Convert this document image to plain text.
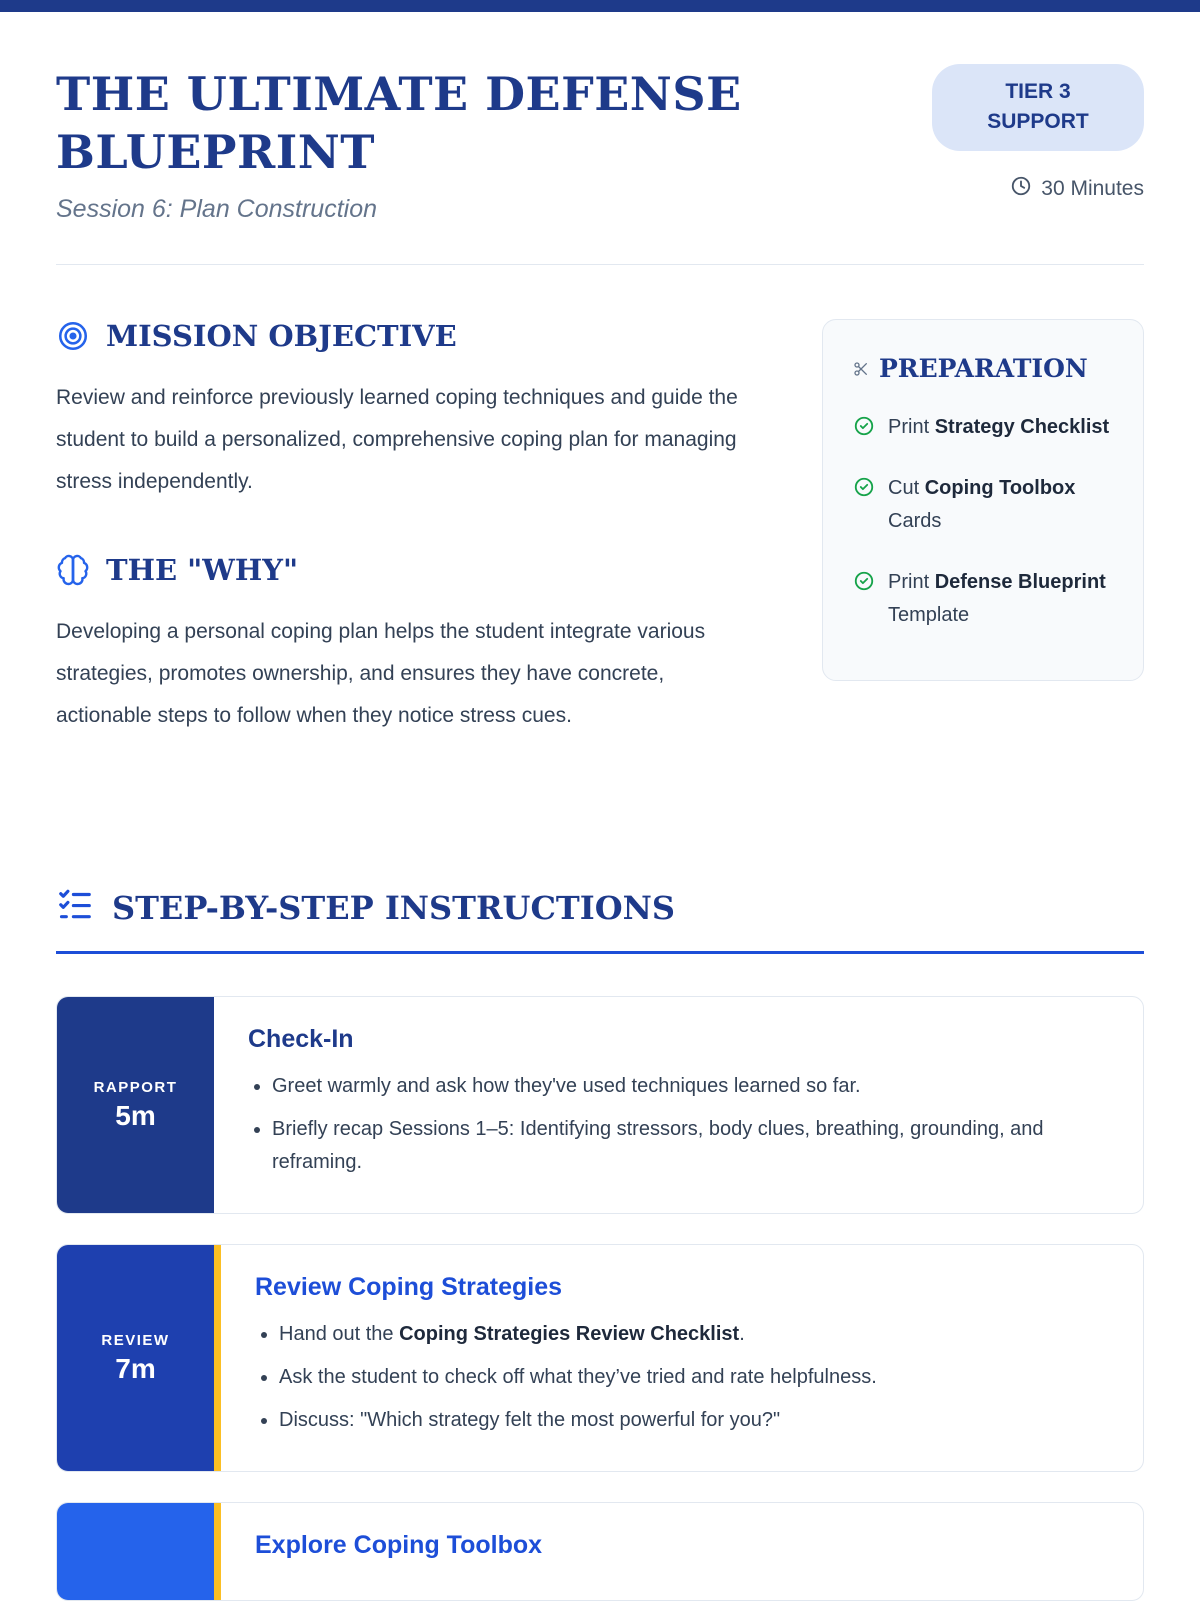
THE ULTIMATE DEFENSE BLUEPRINT

Session 6: Plan Construction

TIER 3 SUPPORT
30 Minutes
MISSION OBJECTIVE

Review and reinforce previously learned coping techniques and guide the student to build a personalized, comprehensive coping plan for managing stress independently.

THE "WHY"

Developing a personal coping plan helps the student integrate various strategies, promotes ownership, and ensures they have concrete, actionable steps to follow when they notice stress cues.

PREPARATION
Print Strategy Checklist
Cut Coping Toolbox Cards
Print Defense Blueprint Template
STEP-BY-STEP INSTRUCTIONS
RAPPORT
5m
Check-In
• Greet warmly and ask how they've used techniques learned so far.
• Briefly recap Sessions 1–5: Identifying stressors, body clues, breathing, grounding, and reframing.
REVIEW
7m
Review Coping Strategies
• Hand out the Coping Strategies Review Checklist.
• Ask the student to check off what they’ve tried and rate helpfulness.
• Discuss: "Which strategy felt the most powerful for you?"
Explore Coping Toolbox
